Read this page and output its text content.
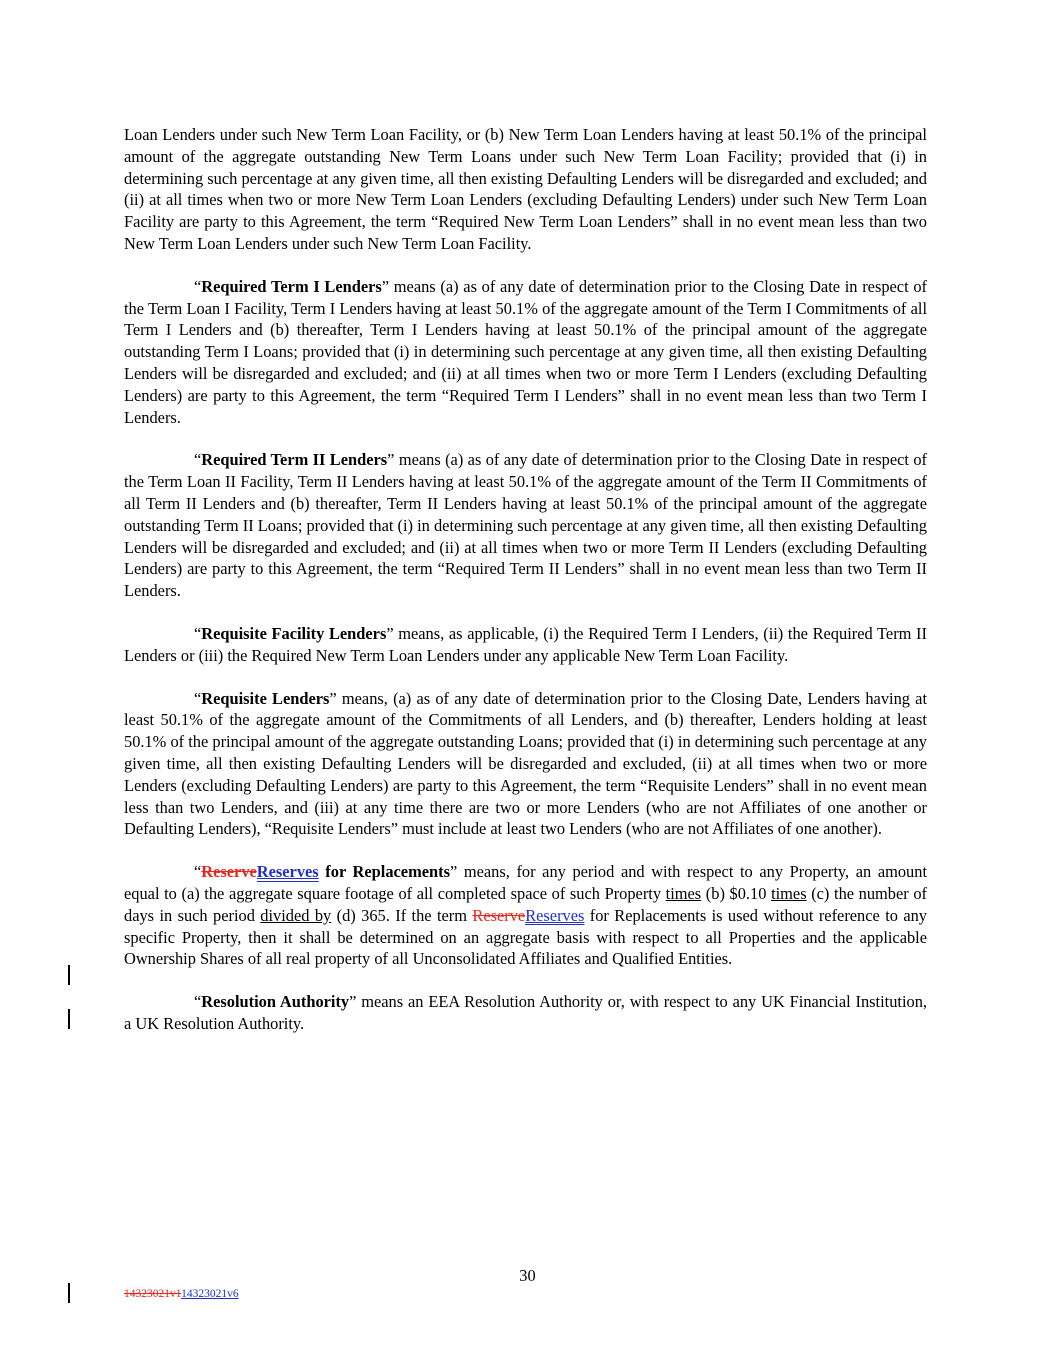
Loan Lenders under such New Term Loan Facility, or (b) New Term Loan Lenders having at least 50.1% of the principal amount of the aggregate outstanding New Term Loans under such New Term Loan Facility; provided that (i) in determining such percentage at any given time, all then existing Defaulting Lenders will be disregarded and excluded; and (ii) at all times when two or more New Term Loan Lenders (excluding Defaulting Lenders) under such New Term Loan Facility are party to this Agreement, the term “Required New Term Loan Lenders” shall in no event mean less than two New Term Loan Lenders under such New Term Loan Facility.

“Required Term I Lenders” means (a) as of any date of determination prior to the Closing Date in respect of the Term Loan I Facility, Term I Lenders having at least 50.1% of the aggregate amount of the Term I Commitments of all Term I Lenders and (b) thereafter, Term I Lenders having at least 50.1% of the principal amount of the aggregate outstanding Term I Loans; provided that (i) in determining such percentage at any given time, all then existing Defaulting Lenders will be disregarded and excluded; and (ii) at all times when two or more Term I Lenders (excluding Defaulting Lenders) are party to this Agreement, the term “Required Term I Lenders” shall in no event mean less than two Term I Lenders.

“Required Term II Lenders” means (a) as of any date of determination prior to the Closing Date in respect of the Term Loan II Facility, Term II Lenders having at least 50.1% of the aggregate amount of the Term II Commitments of all Term II Lenders and (b) thereafter, Term II Lenders having at least 50.1% of the principal amount of the aggregate outstanding Term II Loans; provided that (i) in determining such percentage at any given time, all then existing Defaulting Lenders will be disregarded and excluded; and (ii) at all times when two or more Term II Lenders (excluding Defaulting Lenders) are party to this Agreement, the term “Required Term II Lenders” shall in no event mean less than two Term II Lenders.

“Requisite Facility Lenders” means, as applicable, (i) the Required Term I Lenders, (ii) the Required Term II Lenders or (iii) the Required New Term Loan Lenders under any applicable New Term Loan Facility.

“Requisite Lenders” means, (a) as of any date of determination prior to the Closing Date, Lenders having at least 50.1% of the aggregate amount of the Commitments of all Lenders, and (b) thereafter, Lenders holding at least 50.1% of the principal amount of the aggregate outstanding Loans; provided that (i) in determining such percentage at any given time, all then existing Defaulting Lenders will be disregarded and excluded, (ii) at all times when two or more Lenders (excluding Defaulting Lenders) are party to this Agreement, the term “Requisite Lenders” shall in no event mean less than two Lenders, and (iii) at any time there are two or more Lenders (who are not Affiliates of one another or Defaulting Lenders), “Requisite Lenders” must include at least two Lenders (who are not Affiliates of one another).

“ReserveReserves for Replacements” means, for any period and with respect to any Property, an amount equal to (a) the aggregate square footage of all completed space of such Property times (b) $0.10 times (c) the number of days in such period divided by (d) 365. If the term ReserveReserves for Replacements is used without reference to any specific Property, then it shall be determined on an aggregate basis with respect to all Properties and the applicable Ownership Shares of all real property of all Unconsolidated Affiliates and Qualified Entities.

“Resolution Authority” means an EEA Resolution Authority or, with respect to any UK Financial Institution, a UK Resolution Authority.

30
14323021v114323021v6
